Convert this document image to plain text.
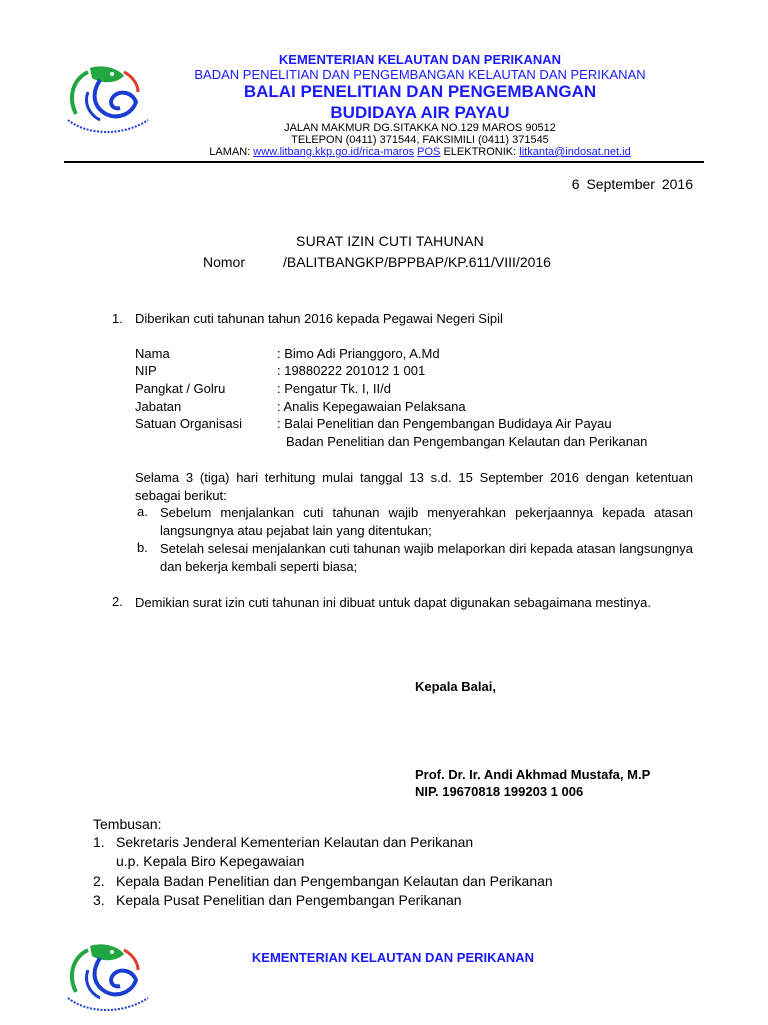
KEMENTERIAN KELAUTAN DAN PERIKANAN
BADAN PENELITIAN DAN PENGEMBANGAN KELAUTAN DAN PERIKANAN
BALAI PENELITIAN DAN PENGEMBANGAN
BUDIDAYA AIR PAYAU
JALAN MAKMUR DG.SITAKKA NO.129 MAROS 90512
TELEPON (0411) 371544, FAKSIMILI (0411) 371545
LAMAN: www.litbang.kkp.go.id/rica-maros POS ELEKTRONIK: litkanta@indosat.net.id
6 September 2016
SURAT IZIN CUTI TAHUNAN
Nomor	/BALITBANGKP/BPPBAP/KP.611/VIII/2016
1. Diberikan cuti tahunan tahun 2016 kepada Pegawai Negeri Sipil
Nama	: Bimo Adi Prianggoro, A.Md
NIP	: 19880222 201012 1 001
Pangkat / Golru	: Pengatur Tk. I, II/d
Jabatan	: Analis Kepegawaian Pelaksana
Satuan Organisasi	: Balai Penelitian dan Pengembangan Budidaya Air Payau
Badan Penelitian dan Pengembangan Kelautan dan Perikanan
Selama 3 (tiga) hari terhitung mulai tanggal 13 s.d. 15 September 2016 dengan ketentuan sebagai berikut:
a. Sebelum menjalankan cuti tahunan wajib menyerahkan pekerjaannya kepada atasan langsungnya atau pejabat lain yang ditentukan;
b. Setelah selesai menjalankan cuti tahunan wajib melaporkan diri kepada atasan langsungnya dan bekerja kembali seperti biasa;
2. Demikian surat izin cuti tahunan ini dibuat untuk dapat digunakan sebagaimana mestinya.
Kepala Balai,
Prof. Dr. Ir. Andi Akhmad Mustafa, M.P
NIP. 19670818 199203 1 006
Tembusan:
1. Sekretaris Jenderal Kementerian Kelautan dan Perikanan
u.p. Kepala Biro Kepegawaian
2. Kepala Badan Penelitian dan Pengembangan Kelautan dan Perikanan
3. Kepala Pusat Penelitian dan Pengembangan Perikanan
KEMENTERIAN KELAUTAN DAN PERIKANAN
